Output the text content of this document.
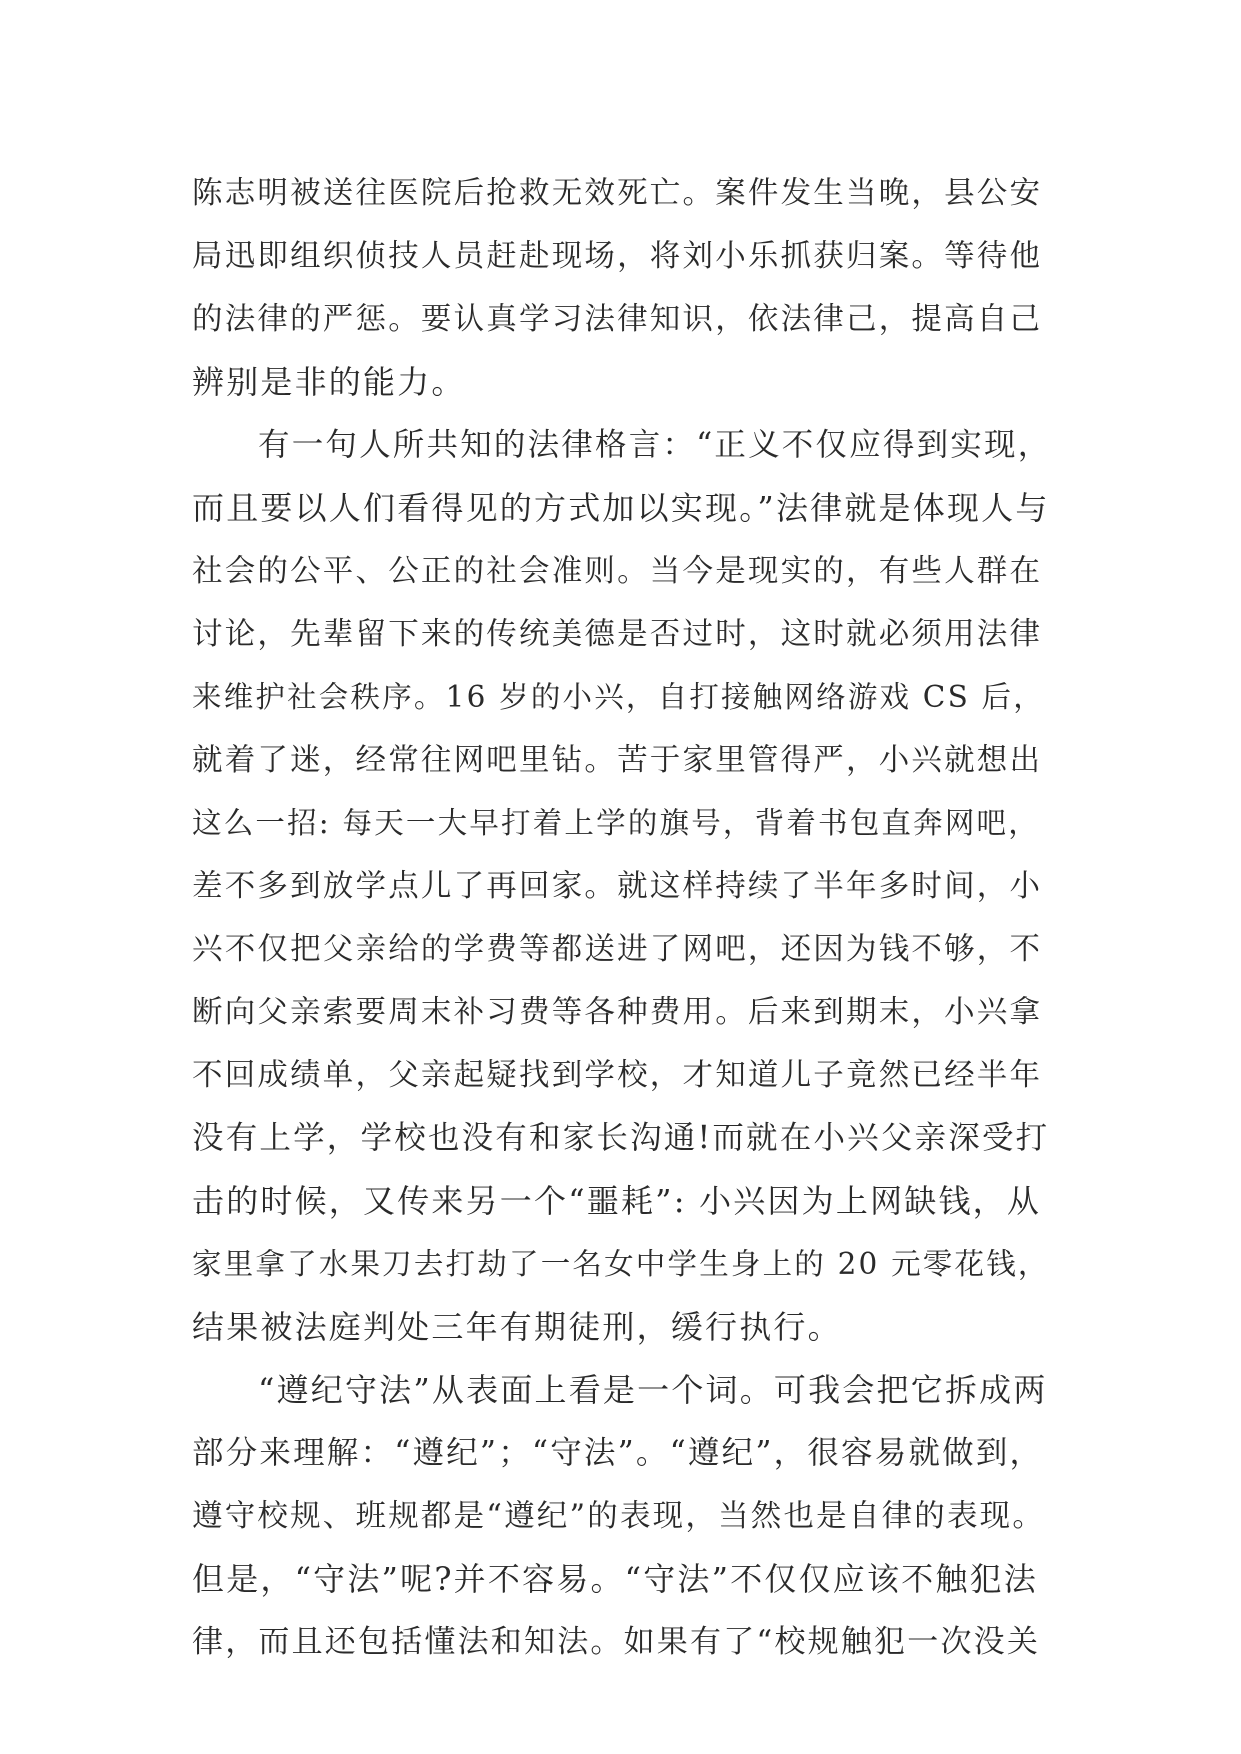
陈志明被送往医院后抢救无效死亡。案件发生当晚，县公安
局迅即组织侦技人员赶赴现场，将刘小乐抓获归案。等待他
的法律的严惩。要认真学习法律知识，依法律己，提高自己
辨别是非的能力。
有一句人所共知的法律格言：“正义不仅应得到实现，
而且要以人们看得见的方式加以实现。”法律就是体现人与
社会的公平、公正的社会准则。当今是现实的，有些人群在
讨论，先辈留下来的传统美德是否过时，这时就必须用法律
来维护社会秩序。16 岁的小兴，自打接触网络游戏 CS 后，
就着了迷，经常往网吧里钻。苦于家里管得严，小兴就想出
这么一招: 每天一大早打着上学的旗号，背着书包直奔网吧，
差不多到放学点儿了再回家。就这样持续了半年多时间，小
兴不仅把父亲给的学费等都送进了网吧，还因为钱不够，不
断向父亲索要周末补习费等各种费用。后来到期末，小兴拿
不回成绩单，父亲起疑找到学校，才知道儿子竟然已经半年
没有上学，学校也没有和家长沟通!而就在小兴父亲深受打
击的时候，又传来另一个“噩耗”: 小兴因为上网缺钱，从
家里拿了水果刀去打劫了一名女中学生身上的 20 元零花钱，
结果被法庭判处三年有期徒刑，缓行执行。
“遵纪守法”从表面上看是一个词。可我会把它拆成两
部分来理解：“遵纪”；“守法”。“遵纪”，很容易就做到，
遵守校规、班规都是“遵纪”的表现，当然也是自律的表现。
但是，“守法”呢?并不容易。“守法”不仅仅应该不触犯法
律，而且还包括懂法和知法。如果有了“校规触犯一次没关
